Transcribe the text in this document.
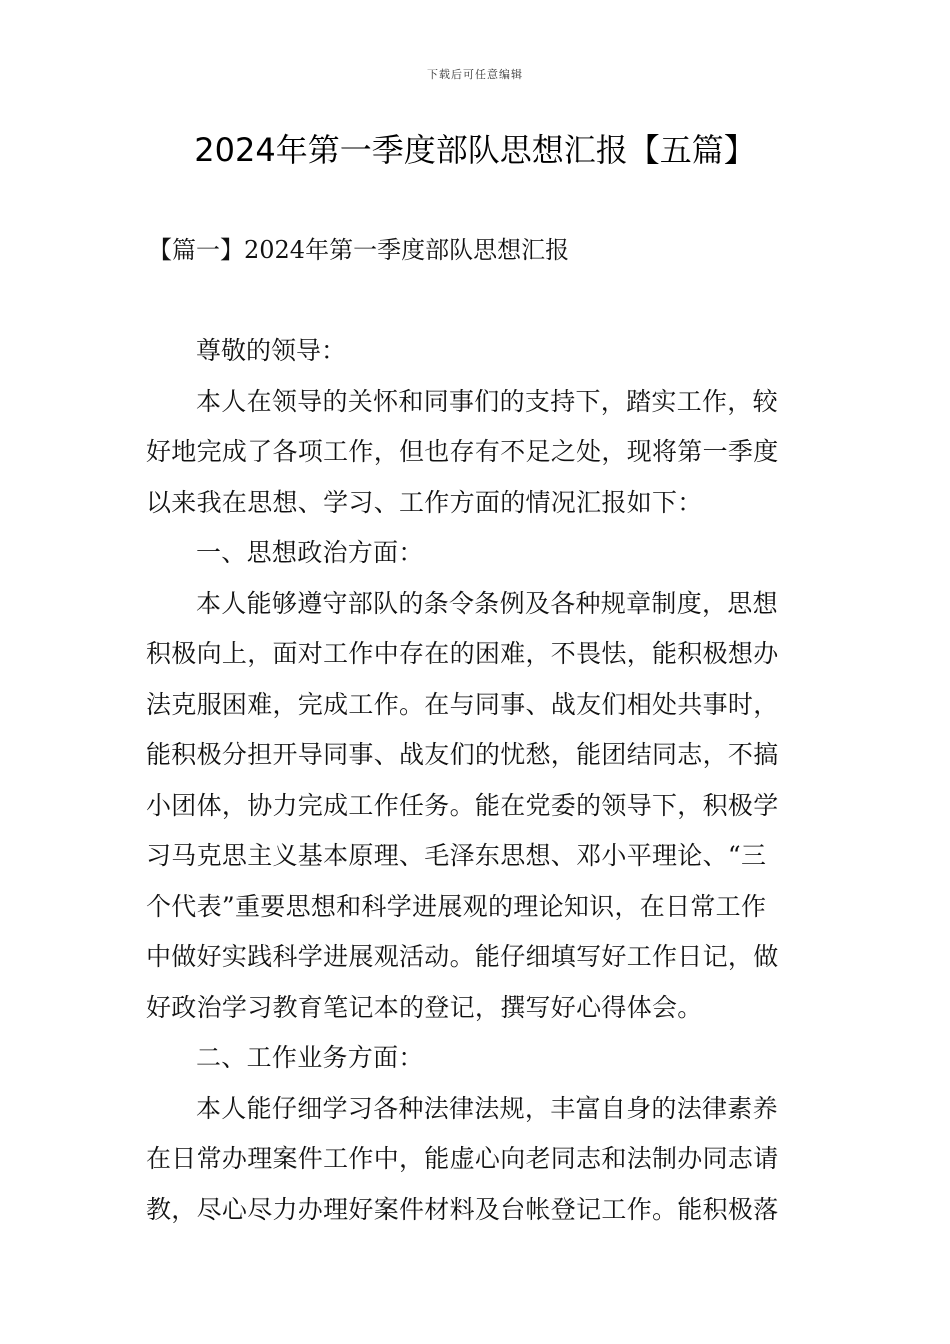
下载后可任意编辑
2024年第一季度部队思想汇报【五篇】
【篇一】2024年第一季度部队思想汇报

尊敬的领导：

本人在领导的关怀和同事们的支持下，踏实工作，较
好地完成了各项工作，但也存有不足之处，现将第一季度
以来我在思想、学习、工作方面的情况汇报如下：

一、思想政治方面：

本人能够遵守部队的条令条例及各种规章制度，思想
积极向上，面对工作中存在的困难，不畏怯，能积极想办
法克服困难，完成工作。在与同事、战友们相处共事时，
能积极分担开导同事、战友们的忧愁，能团结同志，不搞
小团体，协力完成工作任务。能在党委的领导下，积极学
习马克思主义基本原理、毛泽东思想、邓小平理论、“三
个代表”重要思想和科学进展观的理论知识，在日常工作
中做好实践科学进展观活动。能仔细填写好工作日记，做
好政治学习教育笔记本的登记，撰写好心得体会。

二、工作业务方面：

本人能仔细学习各种法律法规，丰富自身的法律素养
在日常办理案件工作中，能虚心向老同志和法制办同志请
教，尽心尽力办理好案件材料及台帐登记工作。能积极落
